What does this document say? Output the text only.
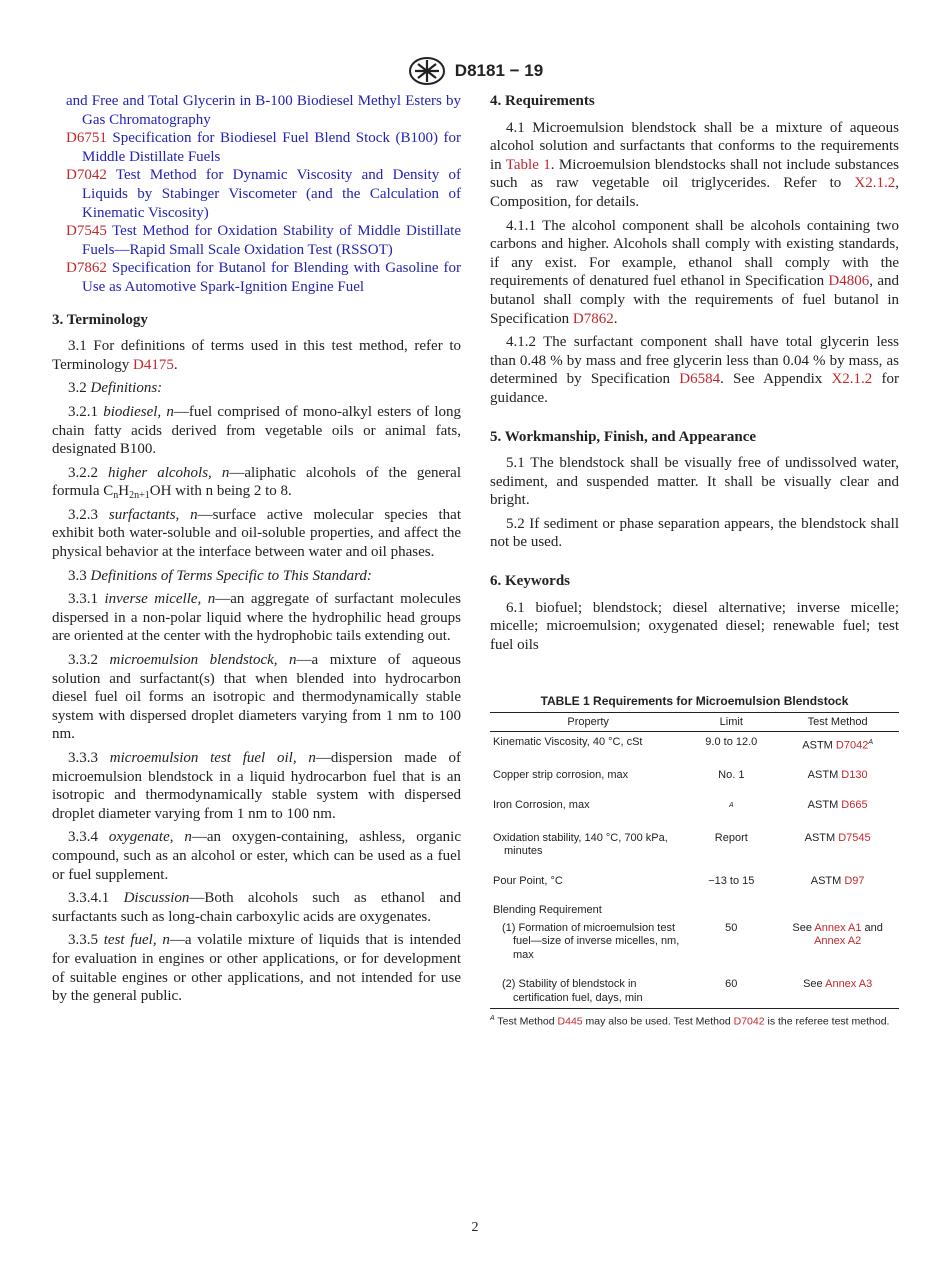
D8181 − 19

and Free and Total Glycerin in B-100 Biodiesel Methyl Esters by Gas Chromatography

D6751 Specification for Biodiesel Fuel Blend Stock (B100) for Middle Distillate Fuels

D7042 Test Method for Dynamic Viscosity and Density of Liquids by Stabinger Viscometer (and the Calculation of Kinematic Viscosity)

D7545 Test Method for Oxidation Stability of Middle Distillate Fuels—Rapid Small Scale Oxidation Test (RSSOT)

D7862 Specification for Butanol for Blending with Gasoline for Use as Automotive Spark-Ignition Engine Fuel

3. Terminology

3.1 For definitions of terms used in this test method, refer to Terminology D4175.

3.2 Definitions:

3.2.1 biodiesel, n—fuel comprised of mono-alkyl esters of long chain fatty acids derived from vegetable oils or animal fats, designated B100.

3.2.2 higher alcohols, n—aliphatic alcohols of the general formula $C_nH_{2n+1}OH$ with n being 2 to 8.

3.2.3 surfactants, n—surface active molecular species that exhibit both water-soluble and oil-soluble properties, and affect the physical behavior at the interface between water and oil phases.

3.3 Definitions of Terms Specific to This Standard:

3.3.1 inverse micelle, n—an aggregate of surfactant molecules dispersed in a non-polar liquid where the hydrophilic head groups are oriented at the center with the hydrophobic tails extending out.

3.3.2 microemulsion blendstock, n—a mixture of aqueous solution and surfactant(s) that when blended into hydrocarbon diesel fuel oil forms an isotropic and thermodynamically stable system with dispersed droplet diameters varying from 1 nm to 100 nm.

3.3.3 microemulsion test fuel oil, n—dispersion made of microemulsion blendstock in a liquid hydrocarbon fuel that is an isotropic and thermodynamically stable system with dispersed droplet diameter varying from 1 nm to 100 nm.

3.3.4 oxygenate, n—an oxygen-containing, ashless, organic compound, such as an alcohol or ester, which can be used as a fuel or fuel supplement.

3.3.4.1 Discussion—Both alcohols such as ethanol and surfactants such as long-chain carboxylic acids are oxygenates.

3.3.5 test fuel, n—a volatile mixture of liquids that is intended for evaluation in engines or other applications, or for development of suitable engines or other applications, and not intended for use by the general public.

4. Requirements

4.1 Microemulsion blendstock shall be a mixture of aqueous alcohol solution and surfactants that conforms to the requirements in Table 1. Microemulsion blendstocks shall not include substances such as raw vegetable oil triglycerides. Refer to X2.1.2, Composition, for details.

4.1.1 The alcohol component shall be alcohols containing two carbons and higher. Alcohols shall comply with existing standards, if any exist. For example, ethanol shall comply with the requirements of denatured fuel ethanol in Specification D4806, and butanol shall comply with the requirements of fuel butanol in Specification D7862.

4.1.2 The surfactant component shall have total glycerin less than 0.48 % by mass and free glycerin less than 0.04 % by mass, as determined by Specification D6584. See Appendix X2.1.2 for guidance.

5. Workmanship, Finish, and Appearance

5.1 The blendstock shall be visually free of undissolved water, sediment, and suspended matter. It shall be visually clear and bright.

5.2 If sediment or phase separation appears, the blendstock shall not be used.

6. Keywords

6.1 biofuel; blendstock; diesel alternative; inverse micelle; micelle; microemulsion; oxygenated diesel; renewable fuel; test fuel oils

TABLE 1 Requirements for Microemulsion Blendstock
Property	Limit	Test Method
Kinematic Viscosity, 40 °C, cSt	9.0 to 12.0	ASTM $D7042^A$
Copper strip corrosion, max	No. 1	ASTM D130
Iron Corrosion, max	$^A$	ASTM D665
Oxidation stability, 140 °C, 700 kPa, minutes	Report	ASTM D7545
Pour Point, °C	−13 to 15	ASTM D97
Blending Requirement		
(1) Formation of microemulsion test fuel—size of inverse micelles, nm, max	50	See Annex A1 and
Annex A2
(2) Stability of blendstock in certification fuel, days, min	60	See Annex A3
$^A$ Test Method D445 may also be used. Test Method D7042 is the referee test method.
2
